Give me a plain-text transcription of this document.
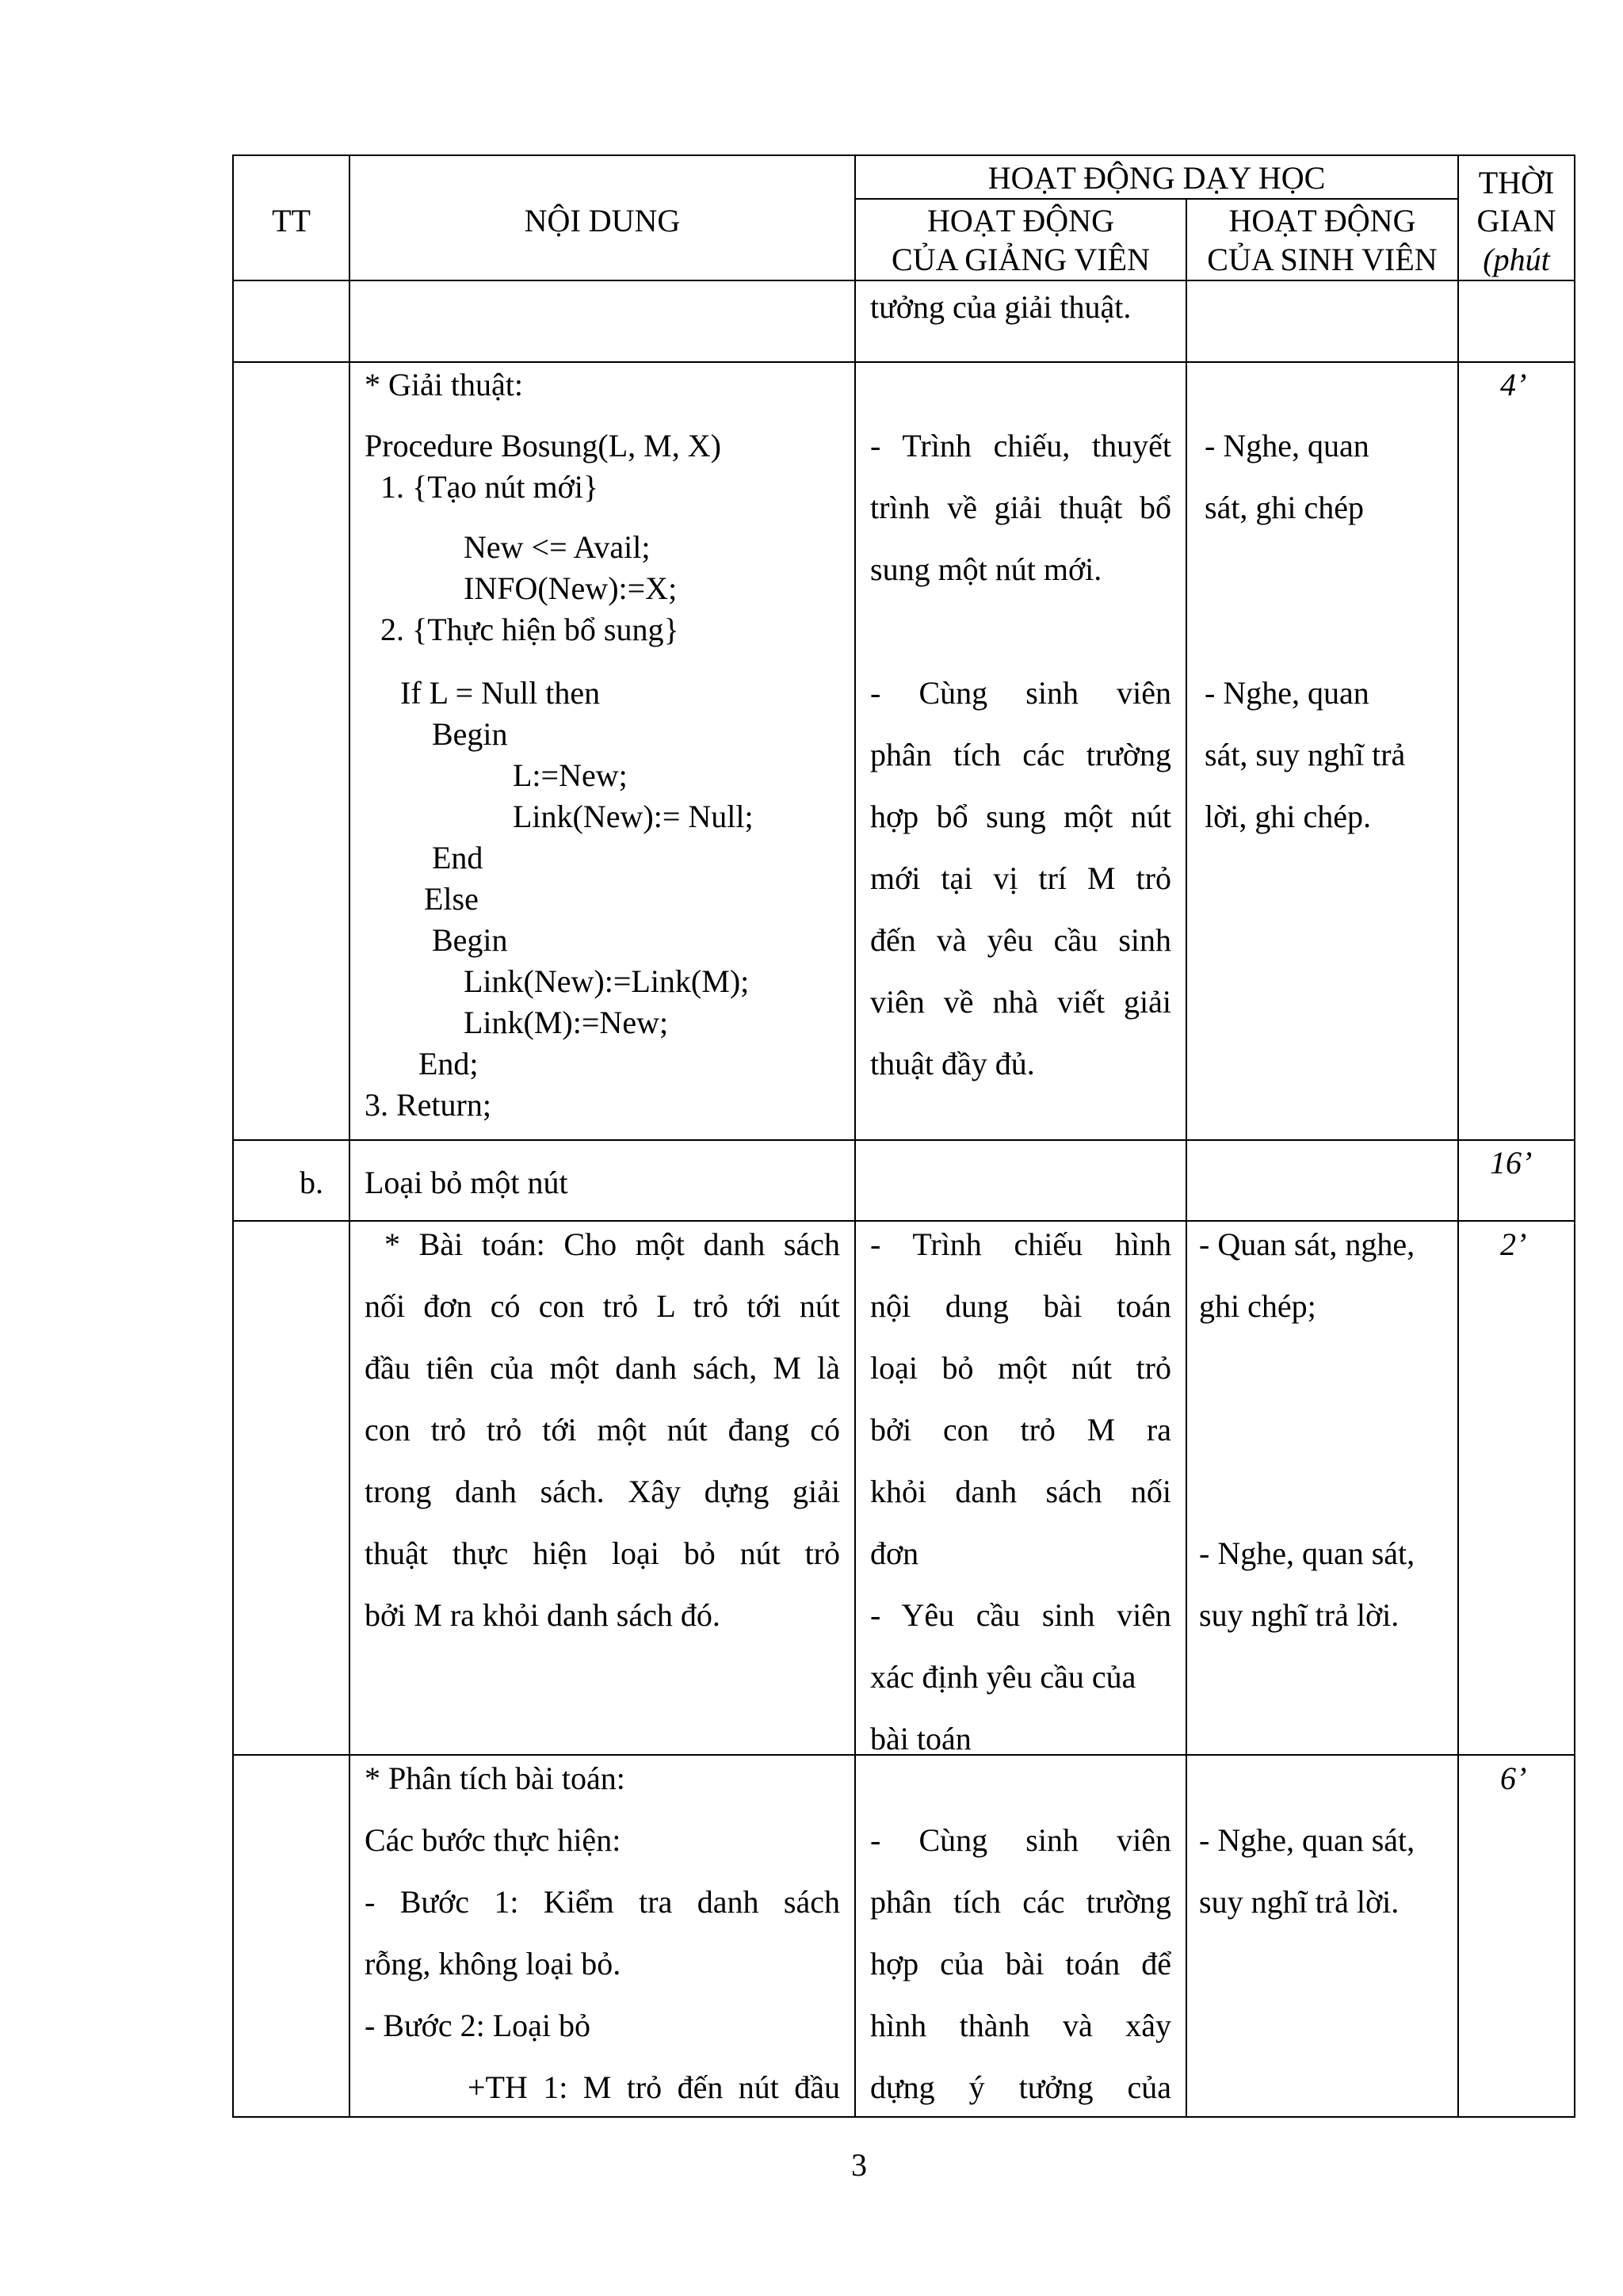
TT	NỘI DUNG
HOẠT ĐỘNG DẠY HỌC
HOẠT ĐỘNG
CỦA GIẢNG VIÊN
HOẠT ĐỘNG
CỦA SINH VIÊN
THỜI
GIAN
(phút
tưởng của giải thuật.
* Giải thuật:
Procedure Bosung(L, M, X)
1. {Tạo nút mới}
New <= Avail;
INFO(New):=X;
2. {Thực hiện bổ sung}
If L = Null then
Begin
L:=New;
Link(New):= Null;
End
Else
Begin
Link(New):=Link(M);
Link(M):=New;
End;
3. Return;
- Trình chiếu, thuyết
trình về giải thuật bổ
sung một nút mới.
- Cùng sinh viên
phân tích các trường
hợp bổ sung một nút
mới tại vị trí M trỏ
đến và yêu cầu sinh
viên về nhà viết giải
thuật đầy đủ.
- Nghe, quan
sát, ghi chép
- Nghe, quan
sát, suy nghĩ trả
lời, ghi chép.
4’
b. Loại bỏ một nút
16’
* Bài toán: Cho một danh sách
nối đơn có con trỏ L trỏ tới nút
đầu tiên của một danh sách, M là
con trỏ trỏ tới một nút đang có
trong danh sách. Xây dựng giải
thuật thực hiện loại bỏ nút trỏ
bởi M ra khỏi danh sách đó.
- Trình chiếu hình
nội dung bài toán
loại bỏ một nút trỏ
bởi con trỏ M ra
khỏi danh sách nối
đơn
- Yêu cầu sinh viên
xác định yêu cầu của
bài toán
- Quan sát, nghe,
ghi chép;
- Nghe, quan sát,
suy nghĩ trả lời.
2’
* Phân tích bài toán:
Các bước thực hiện:
- Bước 1: Kiểm tra danh sách
rỗng, không loại bỏ.
- Bước 2: Loại bỏ
+TH 1: M trỏ đến nút đầu
- Cùng sinh viên
phân tích các trường
hợp của bài toán để
hình thành và xây
dựng ý tưởng của
- Nghe, quan sát,
suy nghĩ trả lời.
6’
3
